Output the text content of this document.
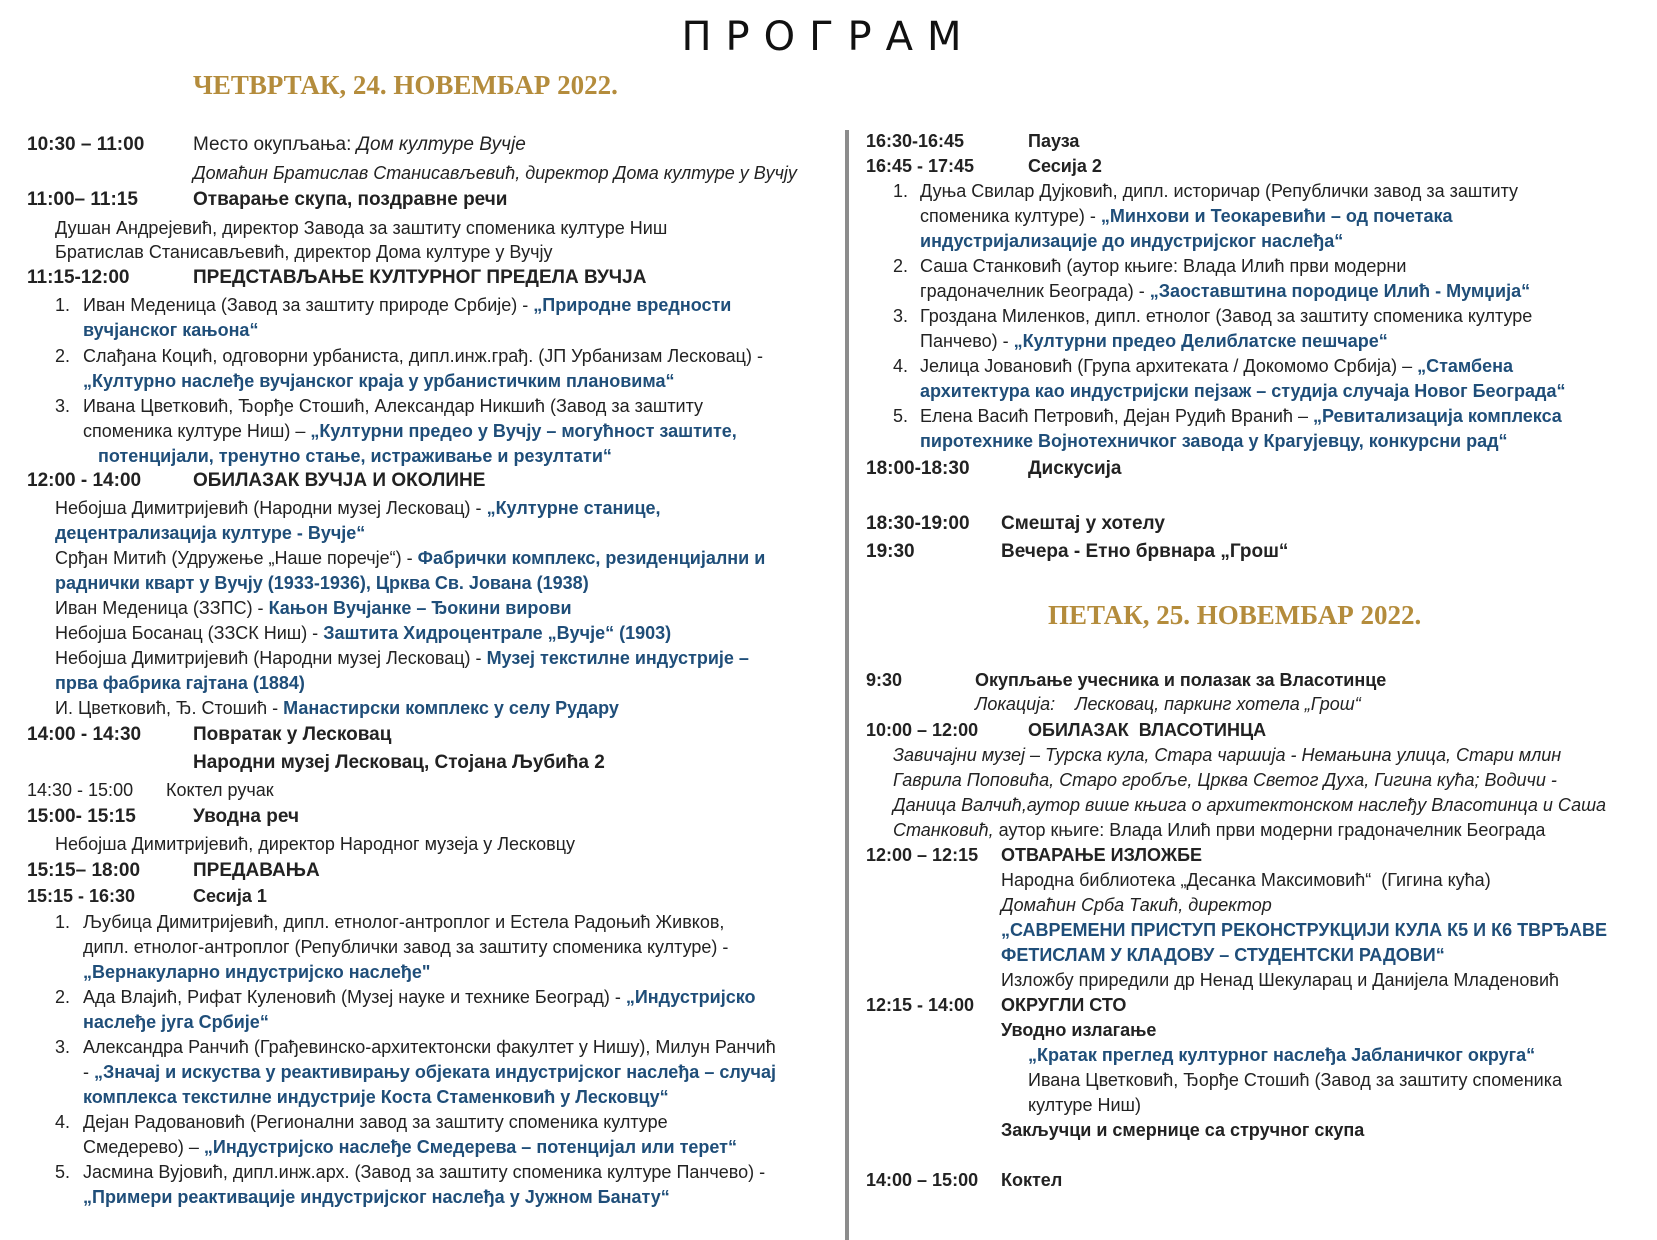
ПРОГРАМ
ЧЕТВРТАК, 24. НОВЕМБАР 2022.
10:30 – 11:00	Место окупљања: Дом културе Вучје
Домаћин Братислав Станисављевић, директор Дома културе у Вучју
11:00– 11:15	Отварање скупа, поздравне речи
Душан Андрејевић, директор Завода за заштиту споменика културе Ниш
Братислав Станисављевић, директор Дома културе у Вучју
11:15-12:00	ПРЕДСТАВЉАЊЕ КУЛТУРНОГ ПРЕДЕЛА ВУЧЈА
1. Иван Меденица (Завод за заштиту природе Србије) - „Природне вредности
вучјанског кањона“
2. Слађана Коцић, одговорни урбаниста, дипл.инж.грађ. (ЈП Урбанизам Лесковац) -
„Културно наслеђе вучјанског краја у урбанистичким плановима“
3. Ивана Цветковић, Ђорђе Стошић, Александар Никшић (Завод за заштиту
споменика културе Ниш) – „Културни предео у Вучју – могућност заштите,
потенцијали, тренутно стање, истраживање и резултати“
12:00 - 14:00	ОБИЛАЗАК ВУЧЈА И ОКОЛИНЕ
Небојша Димитријевић (Народни музеј Лесковац) - „Културне станице,
децентрализација културе - Вучје“
Срђан Митић (Удружење „Наше поречје“) - Фабрички комплекс, резиденцијални и
раднички кварт у Вучју (1933-1936), Црква Св. Јована (1938)
Иван Меденица (ЗЗПС) - Кањон Вучјанке – Ђокини вирови
Небојша Босанац (ЗЗСК Ниш) - Заштита Хидроцентрале „Вучје“ (1903)
Небојша Димитријевић (Народни музеј Лесковац) - Музеј текстилне индустрије –
прва фабрика гајтана (1884)
И. Цветковић, Ђ. Стошић - Манастирски комплекс у селу Рудару
14:00 - 14:30	Повратак у Лесковац
Народни музеј Лесковац, Стојана Љубића 2
14:30 - 15:00 Коктел ручак
15:00- 15:15	Уводна реч
Небојша Димитријевић, директор Народног музеја у Лесковцу
15:15– 18:00	ПРЕДАВАЊА
15:15 - 16:30	Сесија 1
1. Љубица Димитријевић, дипл. етнолог-антроплог и Естела Радоњић Живков,
дипл. етнолог-антроплог (Републички завод за заштиту споменика културе) -
„Вернакуларно индустријско наслеђе"
2. Ада Влајић, Рифат Куленовић (Музеј науке и технике Београд) - „Индустријско
наслеђе југа Србије“
3. Александра Ранчић (Грађевинско-архитектонски факултет у Нишу), Милун Ранчић
- „Значај и искуства у реактивирању објеката индустријског наслеђа – случај
комплекса текстилне индустрије Коста Стаменковић у Лесковцу“
4. Дејан Радовановић (Регионални завод за заштиту споменика културе
Смедерево) – „Индустријско наслеђе Смедерева – потенцијал или терет“
5. Јасмина Вујовић, дипл.инж.арх. (Завод за заштиту споменика културе Панчево) -
„Примери реактивације индустријског наслеђа у Јужном Банату“
16:30-16:45	Пауза
16:45 - 17:45	Сесија 2
1. Дуња Свилар Дујковић, дипл. историчар (Републички завод за заштиту
споменика културе) - „Минхови и Теокаревићи – од почетака
индустријализације до индустријског наслеђа“
2. Саша Станковић (аутор књиге: Влада Илић први модерни
градоначелник Београда) - „Заоставштина породице Илић - Мумџија“
3. Гроздана Миленков, дипл. етнолог (Завод за заштиту споменика културе
Панчево) - „Културни предео Делиблатске пешчаре“
4. Јелица Јовановић (Група архитеката / Докомомо Србија) – „Стамбена
архитектура као индустријски пејзаж – студија случаја Новог Београда“
5. Елена Васић Петровић, Дејан Рудић Вранић – „Ревитализација комплекса
пиротехнике Војнотехничког завода у Крагујевцу, конкурсни рад“
18:00-18:30	Дискусија
18:30-19:00 Смештај у хотелу
19:30	Вечера - Етно брвнара „Грош“
ПЕТАК, 25. НОВЕМБАР 2022.
9:30	Окупљање учесника и полазак за Власотинце
Локација:    Лесковац, паркинг хотела „Грош“
10:00 – 12:00	ОБИЛАЗАК  ВЛАСОТИНЦА
Завичајни музеј – Турска кула, Стара чаршија - Немањина улица, Стари млин
Гаврила Поповића, Старо гробље, Црква Светог Духа, Гигина кућа; Водичи -
Даница Валчић,аутор више књига о архитектонском наслеђу Власотинца и Саша
Станковић, аутор књиге: Влада Илић први модерни градоначелник Београда
12:00 – 12:15 ОТВАРАЊЕ ИЗЛОЖБЕ
Народна библиотека „Десанка Максимовић“  (Гигина кућа)
Домаћин Срба Такић, директор
„САВРЕМЕНИ ПРИСТУП РЕКОНСТРУКЦИЈИ КУЛА К5 И К6 ТВРЂАВЕ
ФЕТИСЛАМ У КЛАДОВУ – СТУДЕНТСКИ РАДОВИ“
Изложбу приредили др Ненад Шекуларац и Данијела Младеновић
12:15 - 14:00 ОКРУГЛИ СТО
Уводно излагање
„Кратак преглед културног наслеђа Јабланичког округа“
Ивана Цветковић, Ђорђе Стошић (Завод за заштиту споменика
културе Ниш)
Закључци и смернице са стручног скупа
14:00 – 15:00 Коктел
